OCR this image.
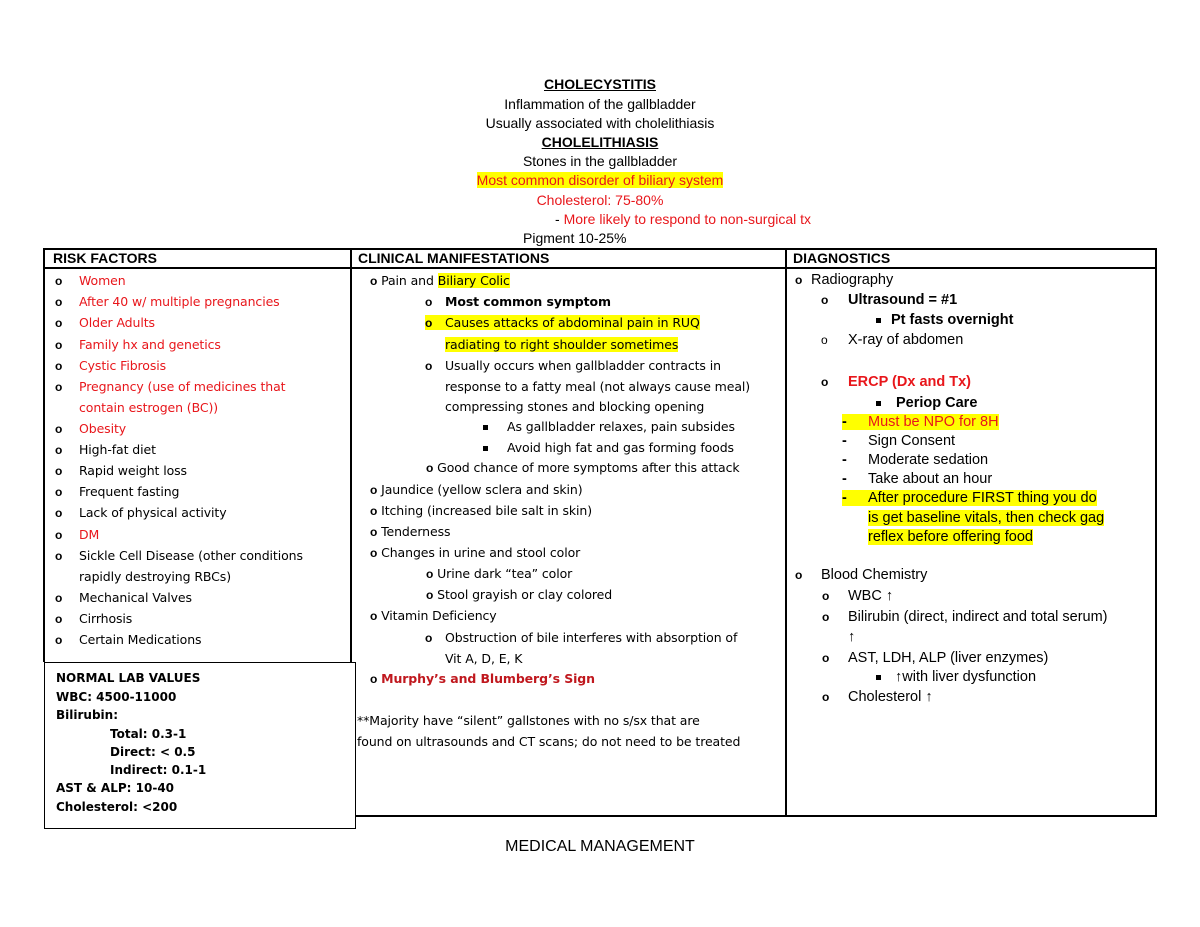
CHOLECYSTITIS
Inflammation of the gallbladder
Usually associated with cholelithiasis
CHOLELITHIASIS
Stones in the gallbladder
Most common disorder of biliary system
Cholesterol: 75-80%
- More likely to respond to non-surgical tx
Pigment 10-25%
RISK FACTORS	CLINICAL MANIFESTATIONS	DIAGNOSTICS
o Women
o After 40 w/ multiple pregnancies
o Older Adults
o Family hx and genetics
o Cystic Fibrosis
o Pregnancy (use of medicines that
contain estrogen (BC))
o Obesity
o High-fat diet
o Rapid weight loss
o Frequent fasting
o Lack of physical activity
o DM
o Sickle Cell Disease (other conditions
rapidly destroying RBCs)
o Mechanical Valves
o Cirrhosis
o Certain Medications
o Pain and Biliary Colic
o Most common symptom
o Causes attacks of abdominal pain in RUQ
radiating to right shoulder sometimes
o Usually occurs when gallbladder contracts in
response to a fatty meal (not always cause meal)
compressing stones and blocking opening
As gallbladder relaxes, pain subsides
Avoid high fat and gas forming foods
o Good chance of more symptoms after this attack
o Jaundice (yellow sclera and skin)
o Itching (increased bile salt in skin)
o Tenderness
o Changes in urine and stool color
o Urine dark “tea” color
o Stool grayish or clay colored
o Vitamin Deficiency
o Obstruction of bile interferes with absorption of
Vit A, D, E, K
o Murphy’s and Blumberg’s Sign
**Majority have “silent” gallstones with no s/sx that are
found on ultrasounds and CT scans; do not need to be treated
o Radiography
o Ultrasound = #1
Pt fasts overnight
o X-ray of abdomen
o ERCP (Dx and Tx)
Periop Care
- Must be NPO for 8H
- Sign Consent
- Moderate sedation
- Take about an hour
- After procedure FIRST thing you do
is get baseline vitals, then check gag
reflex before offering food
o Blood Chemistry
o WBC ↑
o Bilirubin (direct, indirect and total serum)
↑
o AST, LDH, ALP (liver enzymes)
↑with liver dysfunction
o Cholesterol ↑
NORMAL LAB VALUES
WBC: 4500-11000
Bilirubin:
Total: 0.3-1
Direct: < 0.5
Indirect: 0.1-1
AST & ALP: 10-40
Cholesterol: <200
MEDICAL MANAGEMENT
